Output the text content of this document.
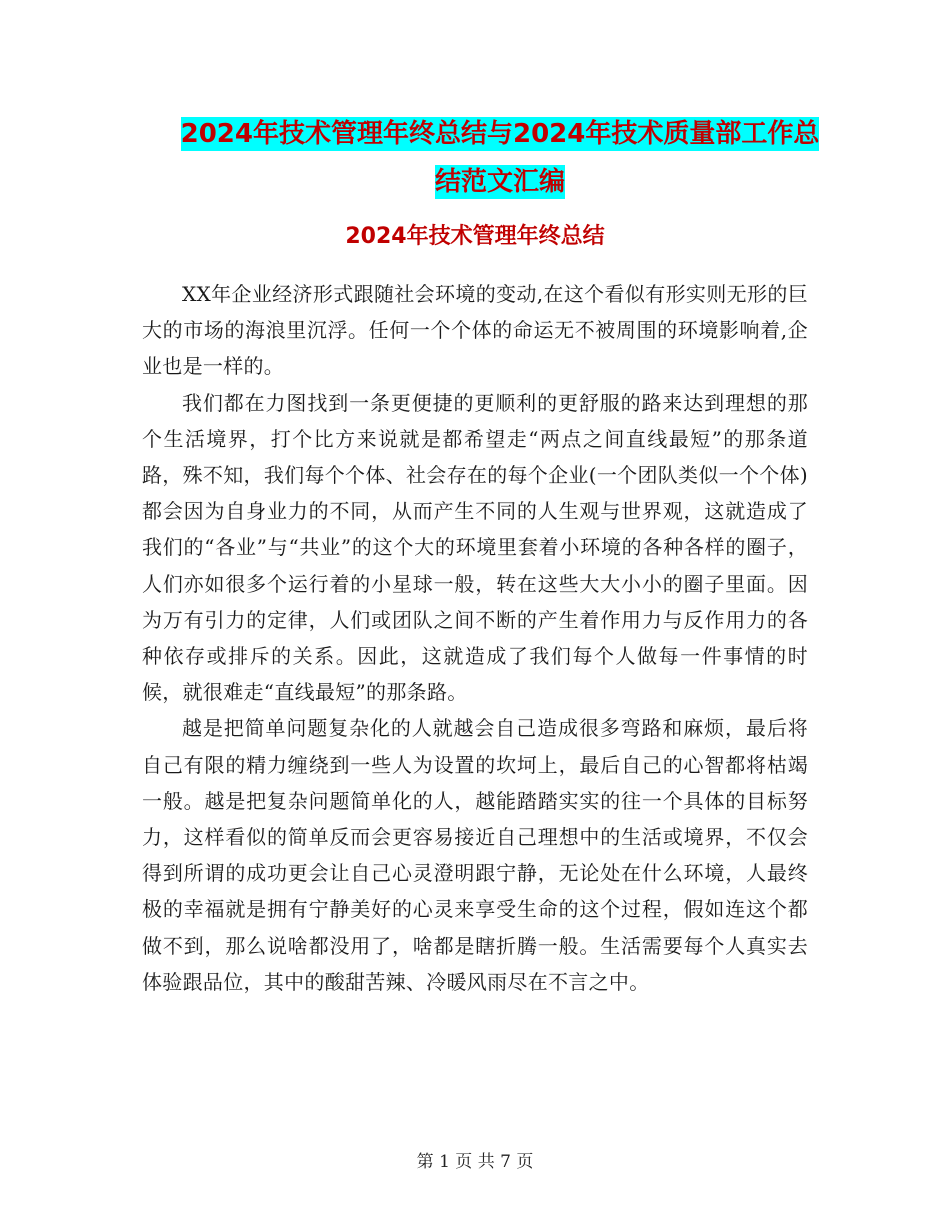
2024年技术管理年终总结与2024年技术质量部工作总
结范文汇编
2024年技术管理年终总结

XX年企业经济形式跟随社会环境的变动,在这个看似有形实则无形的巨大的市场的海浪里沉浮。任何一个个体的命运无不被周围的环境影响着,企业也是一样的。

我们都在力图找到一条更便捷的更顺利的更舒服的路来达到理想的那个生活境界，打个比方来说就是都希望走“两点之间直线最短”的那条道路，殊不知，我们每个个体、社会存在的每个企业(一个团队类似一个个体)都会因为自身业力的不同，从而产生不同的人生观与世界观，这就造成了我们的“各业”与“共业”的这个大的环境里套着小环境的各种各样的圈子，人们亦如很多个运行着的小星球一般，转在这些大大小小的圈子里面。因为万有引力的定律，人们或团队之间不断的产生着作用力与反作用力的各种依存或排斥的关系。因此，这就造成了我们每个人做每一件事情的时候，就很难走“直线最短”的那条路。

越是把简单问题复杂化的人就越会自己造成很多弯路和麻烦，最后将自己有限的精力缠绕到一些人为设置的坎坷上，最后自己的心智都将枯竭一般。越是把复杂问题简单化的人，越能踏踏实实的往一个具体的目标努力，这样看似的简单反而会更容易接近自己理想中的生活或境界，不仅会得到所谓的成功更会让自己心灵澄明跟宁静，无论处在什么环境，人最终极的幸福就是拥有宁静美好的心灵来享受生命的这个过程，假如连这个都做不到，那么说啥都没用了，啥都是瞎折腾一般。生活需要每个人真实去体验跟品位，其中的酸甜苦辣、冷暖风雨尽在不言之中。

第 1 页 共 7 页
